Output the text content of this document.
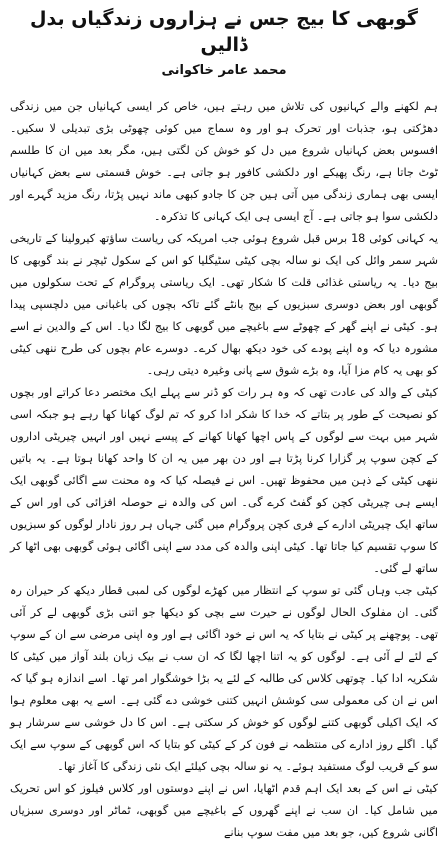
گوبھی کا بیج جس نے ہزاروں زندگیاں بدل ڈالیں
محمد عامر خاکوانی

ہم لکھنے والے کہانیوں کی تلاش میں رہتے ہیں، خاص کر ایسی کہانیاں جن میں زندگی دھڑکتی ہو، جذبات اور تحرک ہو اور وہ سماج میں کوئی چھوٹی بڑی تبدیلی لا سکیں۔ افسوس بعض کہانیاں شروع میں دل کو خوش کن لگتی ہیں، مگر بعد میں ان کا طلسم ٹوٹ جاتا ہے، رنگ پھیکے اور دلکشی کافور ہو جاتی ہے۔ خوش قسمتی سے بعض کہانیاں ایسی بھی ہماری زندگی میں آتی ہیں جن کا جادو کبھی ماند نہیں پڑتا، رنگ مزید گہرے اور دلکشی سوا ہو جاتی ہے۔ آج ایسی ہی ایک کہانی کا تذکرہ۔

یہ کہانی کوئی 18 برس قبل شروع ہوئی جب امریکہ کی ریاست ساؤتھ کیرولینا کے تاریخی شہر سمر وائل کی ایک نو سالہ بچی کیٹی سٹیگلیا کو اس کے سکول ٹیچر نے بند گوبھی کا بیج دیا۔ یہ ریاستی غذائی قلت کا شکار تھی۔ ایک ریاستی پروگرام کے تحت سکولوں میں گوبھی اور بعض دوسری سبزیوں کے بیج بانٹے گئے تاکہ بچوں کی باغبانی میں دلچسپی پیدا ہو۔ کیٹی نے اپنے گھر کے چھوٹے سے باغیچے میں گوبھی کا بیج لگا دیا۔ اس کے والدین نے اسے مشورہ دیا کہ وہ اپنے پودے کی خود دیکھ بھال کرے۔ دوسرے عام بچوں کی طرح ننھی کیٹی کو بھی یہ کام مزا آیا، وہ بڑے شوق سے پانی وغیرہ دیتی رہی۔

کیٹی کے والد کی عادت تھی کہ وہ ہر رات کو ڈنر سے پہلے ایک مختصر دعا کراتے اور بچوں کو نصیحت کے طور پر بتاتے کہ خدا کا شکر ادا کرو کہ تم لوگ کھانا کھا رہے ہو جبکہ اسی شہر میں بہت سے لوگوں کے پاس اچھا کھانا کھانے کے پیسے نہیں اور انہیں چیریٹی اداروں کے کچن سوپ پر گزارا کرنا پڑتا ہے اور دن بھر میں یہ ان کا واحد کھانا ہوتا ہے۔ یہ باتیں ننھی کیٹی کے ذہن میں محفوظ تھیں۔ اس نے فیصلہ کیا کہ وہ محنت سے اگائی گوبھی ایک ایسے ہی چیریٹی کچن کو گفٹ کرے گی۔ اس کی والدہ نے حوصلہ افزائی کی اور اس کے ساتھ ایک چیریٹی ادارے کے فری کچن پروگرام میں گئی جہاں ہر روز نادار لوگوں کو سبزیوں کا سوپ تقسیم کیا جاتا تھا۔ کیٹی اپنی والدہ کی مدد سے اپنی اگائی ہوئی گوبھی بھی اٹھا کر ساتھ لے گئی۔

کیٹی جب وہاں گئی تو سوپ کے انتظار میں کھڑے لوگوں کی لمبی قطار دیکھ کر حیران رہ گئی۔ ان مفلوک الحال لوگوں نے حیرت سے بچی کو دیکھا جو اتنی بڑی گوبھی لے کر آئی تھی۔ پوچھنے پر کیٹی نے بتایا کہ یہ اس نے خود اگائی ہے اور وہ اپنی مرضی سے ان کے سوپ کے لئے لے آئی ہے۔ لوگوں کو یہ اتنا اچھا لگا کہ ان سب نے بیک زبان بلند آواز میں کیٹی کا شکریہ ادا کیا۔ چوتھی کلاس کی طالبہ کے لئے یہ بڑا خوشگوار امر تھا۔ اسے اندازہ ہو گیا کہ اس نے ان کی معمولی سی کوشش انہیں کتنی خوشی دے گئی ہے۔ اسے یہ بھی معلوم ہوا کہ ایک اکیلی گوبھی کتنے لوگوں کو خوش کر سکتی ہے۔ اس کا دل خوشی سے سرشار ہو گیا۔ اگلے روز ادارے کی منتظمہ نے فون کر کے کیٹی کو بتایا کہ اس گوبھی کے سوپ سے ایک سو کے قریب لوگ مستفید ہوئے۔ یہ نو سالہ بچی کیلئے ایک نئی زندگی کا آغاز تھا۔

کیٹی نے اس کے بعد ایک اہم قدم اٹھایا، اس نے اپنے دوستوں اور کلاس فیلوز کو اس تحریک میں شامل کیا۔ ان سب نے اپنے گھروں کے باغیچے میں گوبھی، ٹماٹر اور دوسری سبزیاں اگانی شروع کیں، جو بعد میں مفت سوپ بنانے
